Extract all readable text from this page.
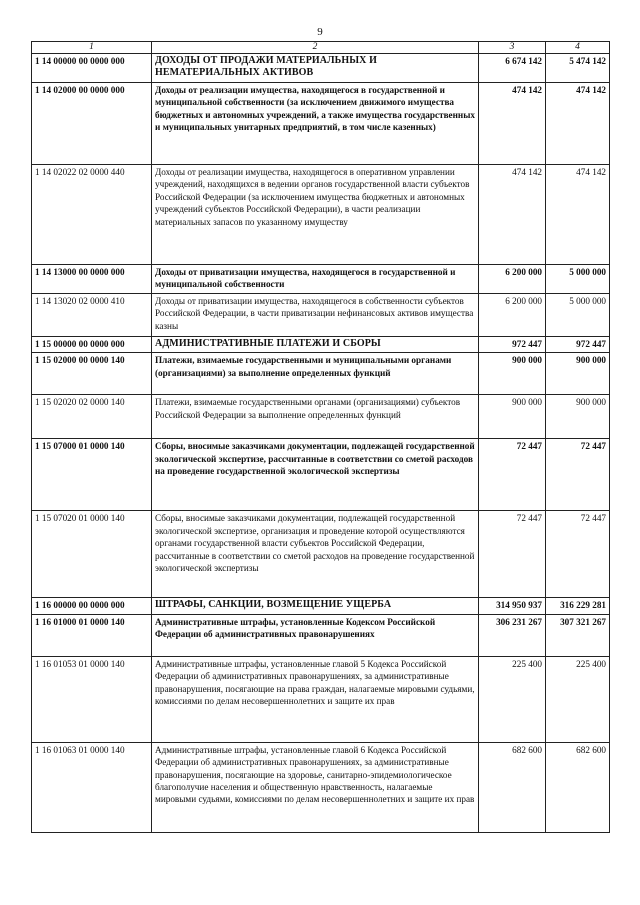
9
1	2	3	4
1 14 00000 00 0000 000	ДОХОДЫ ОТ ПРОДАЖИ МАТЕРИАЛЬНЫХ И НЕМАТЕРИАЛЬНЫХ АКТИВОВ	6 674 142	5 474 142
1 14 02000 00 0000 000	Доходы от реализации имущества, находящегося в государственной и муниципальной собственности (за исключением движимого имущества бюджетных и автономных учреждений, а также имущества государственных и муниципальных унитарных предприятий, в том числе казенных)	474 142	474 142
1 14 02022 02 0000 440	Доходы от реализации имущества, находящегося в оперативном управлении учреждений, находящихся в ведении органов государственной власти субъектов Российской Федерации (за исключением имущества бюджетных и автономных учреждений субъектов Российской Федерации), в части реализации материальных запасов по указанному имуществу	474 142	474 142
1 14 13000 00 0000 000	Доходы от приватизации имущества, находящегося в государственной и муниципальной собственности	6 200 000	5 000 000
1 14 13020 02 0000 410	Доходы от приватизации имущества, находящегося в собственности субъектов Российской Федерации, в части приватизации нефинансовых активов имущества казны	6 200 000	5 000 000
1 15 00000 00 0000 000	АДМИНИСТРАТИВНЫЕ ПЛАТЕЖИ И СБОРЫ	972 447	972 447
1 15 02000 00 0000 140	Платежи, взимаемые государственными и муниципальными органами (организациями) за выполнение определенных функций	900 000	900 000
1 15 02020 02 0000 140	Платежи, взимаемые государственными органами (организациями) субъектов Российской Федерации за выполнение определенных функций	900 000	900 000
1 15 07000 01 0000 140	Сборы, вносимые заказчиками документации, подлежащей государственной экологической экспертизе, рассчитанные в соответствии со сметой расходов на проведение государственной экологической экспертизы	72 447	72 447
1 15 07020 01 0000 140	Сборы, вносимые заказчиками документации, подлежащей государственной экологической экспертизе, организация и проведение которой осуществляются органами государственной власти субъектов Российской Федерации, рассчитанные в соответствии со сметой расходов на проведение государственной экологической экспертизы	72 447	72 447
1 16 00000 00 0000 000	ШТРАФЫ, САНКЦИИ, ВОЗМЕЩЕНИЕ УЩЕРБА	314 950 937	316 229 281
1 16 01000 01 0000 140	Административные штрафы, установленные Кодексом Российской Федерации об административных правонарушениях	306 231 267	307 321 267
1 16 01053 01 0000 140	Административные штрафы, установленные главой 5 Кодекса Российской Федерации об административных правонарушениях, за административные правонарушения, посягающие на права граждан, налагаемые мировыми судьями, комиссиями по делам несовершеннолетних и защите их прав	225 400	225 400
1 16 01063 01 0000 140	Административные штрафы, установленные главой 6 Кодекса Российской Федерации об административных правонарушениях, за административные правонарушения, посягающие на здоровье, санитарно-эпидемиологическое благополучие населения и общественную нравственность, налагаемые мировыми судьями, комиссиями по делам несовершеннолетних и защите их прав	682 600	682 600
